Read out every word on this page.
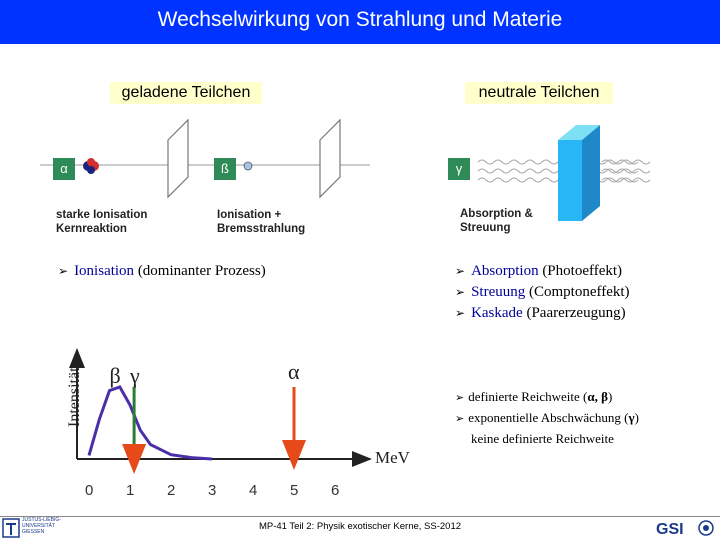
Wechselwirkung von Strahlung und Materie
geladene Teilchen	neutrale Teilchen
α	ß
starke Ionisation
Kernreaktion
Ionisation +
Bremsstrahlung
γ
Absorption &
Streuung
➢ Ionisation (dominanter Prozess)	➢ Absorption (Photoeffekt)
➢ Streuung (Comptoneffekt)
➢ Kaskade (Paarerzeugung)
➢ definierte Reichweite (α, β)
➢ exponentielle Abschwächung (γ)
keine definierte Reichweite
Intensität
MeV
β γ	α
0 1 2 3 4 5 6
MP-41 Teil 2: Physik exotischer Kerne, SS-2012
JUSTUS-LIEBIG-
UNIVERSITÄT
GIESSEN	GSI
